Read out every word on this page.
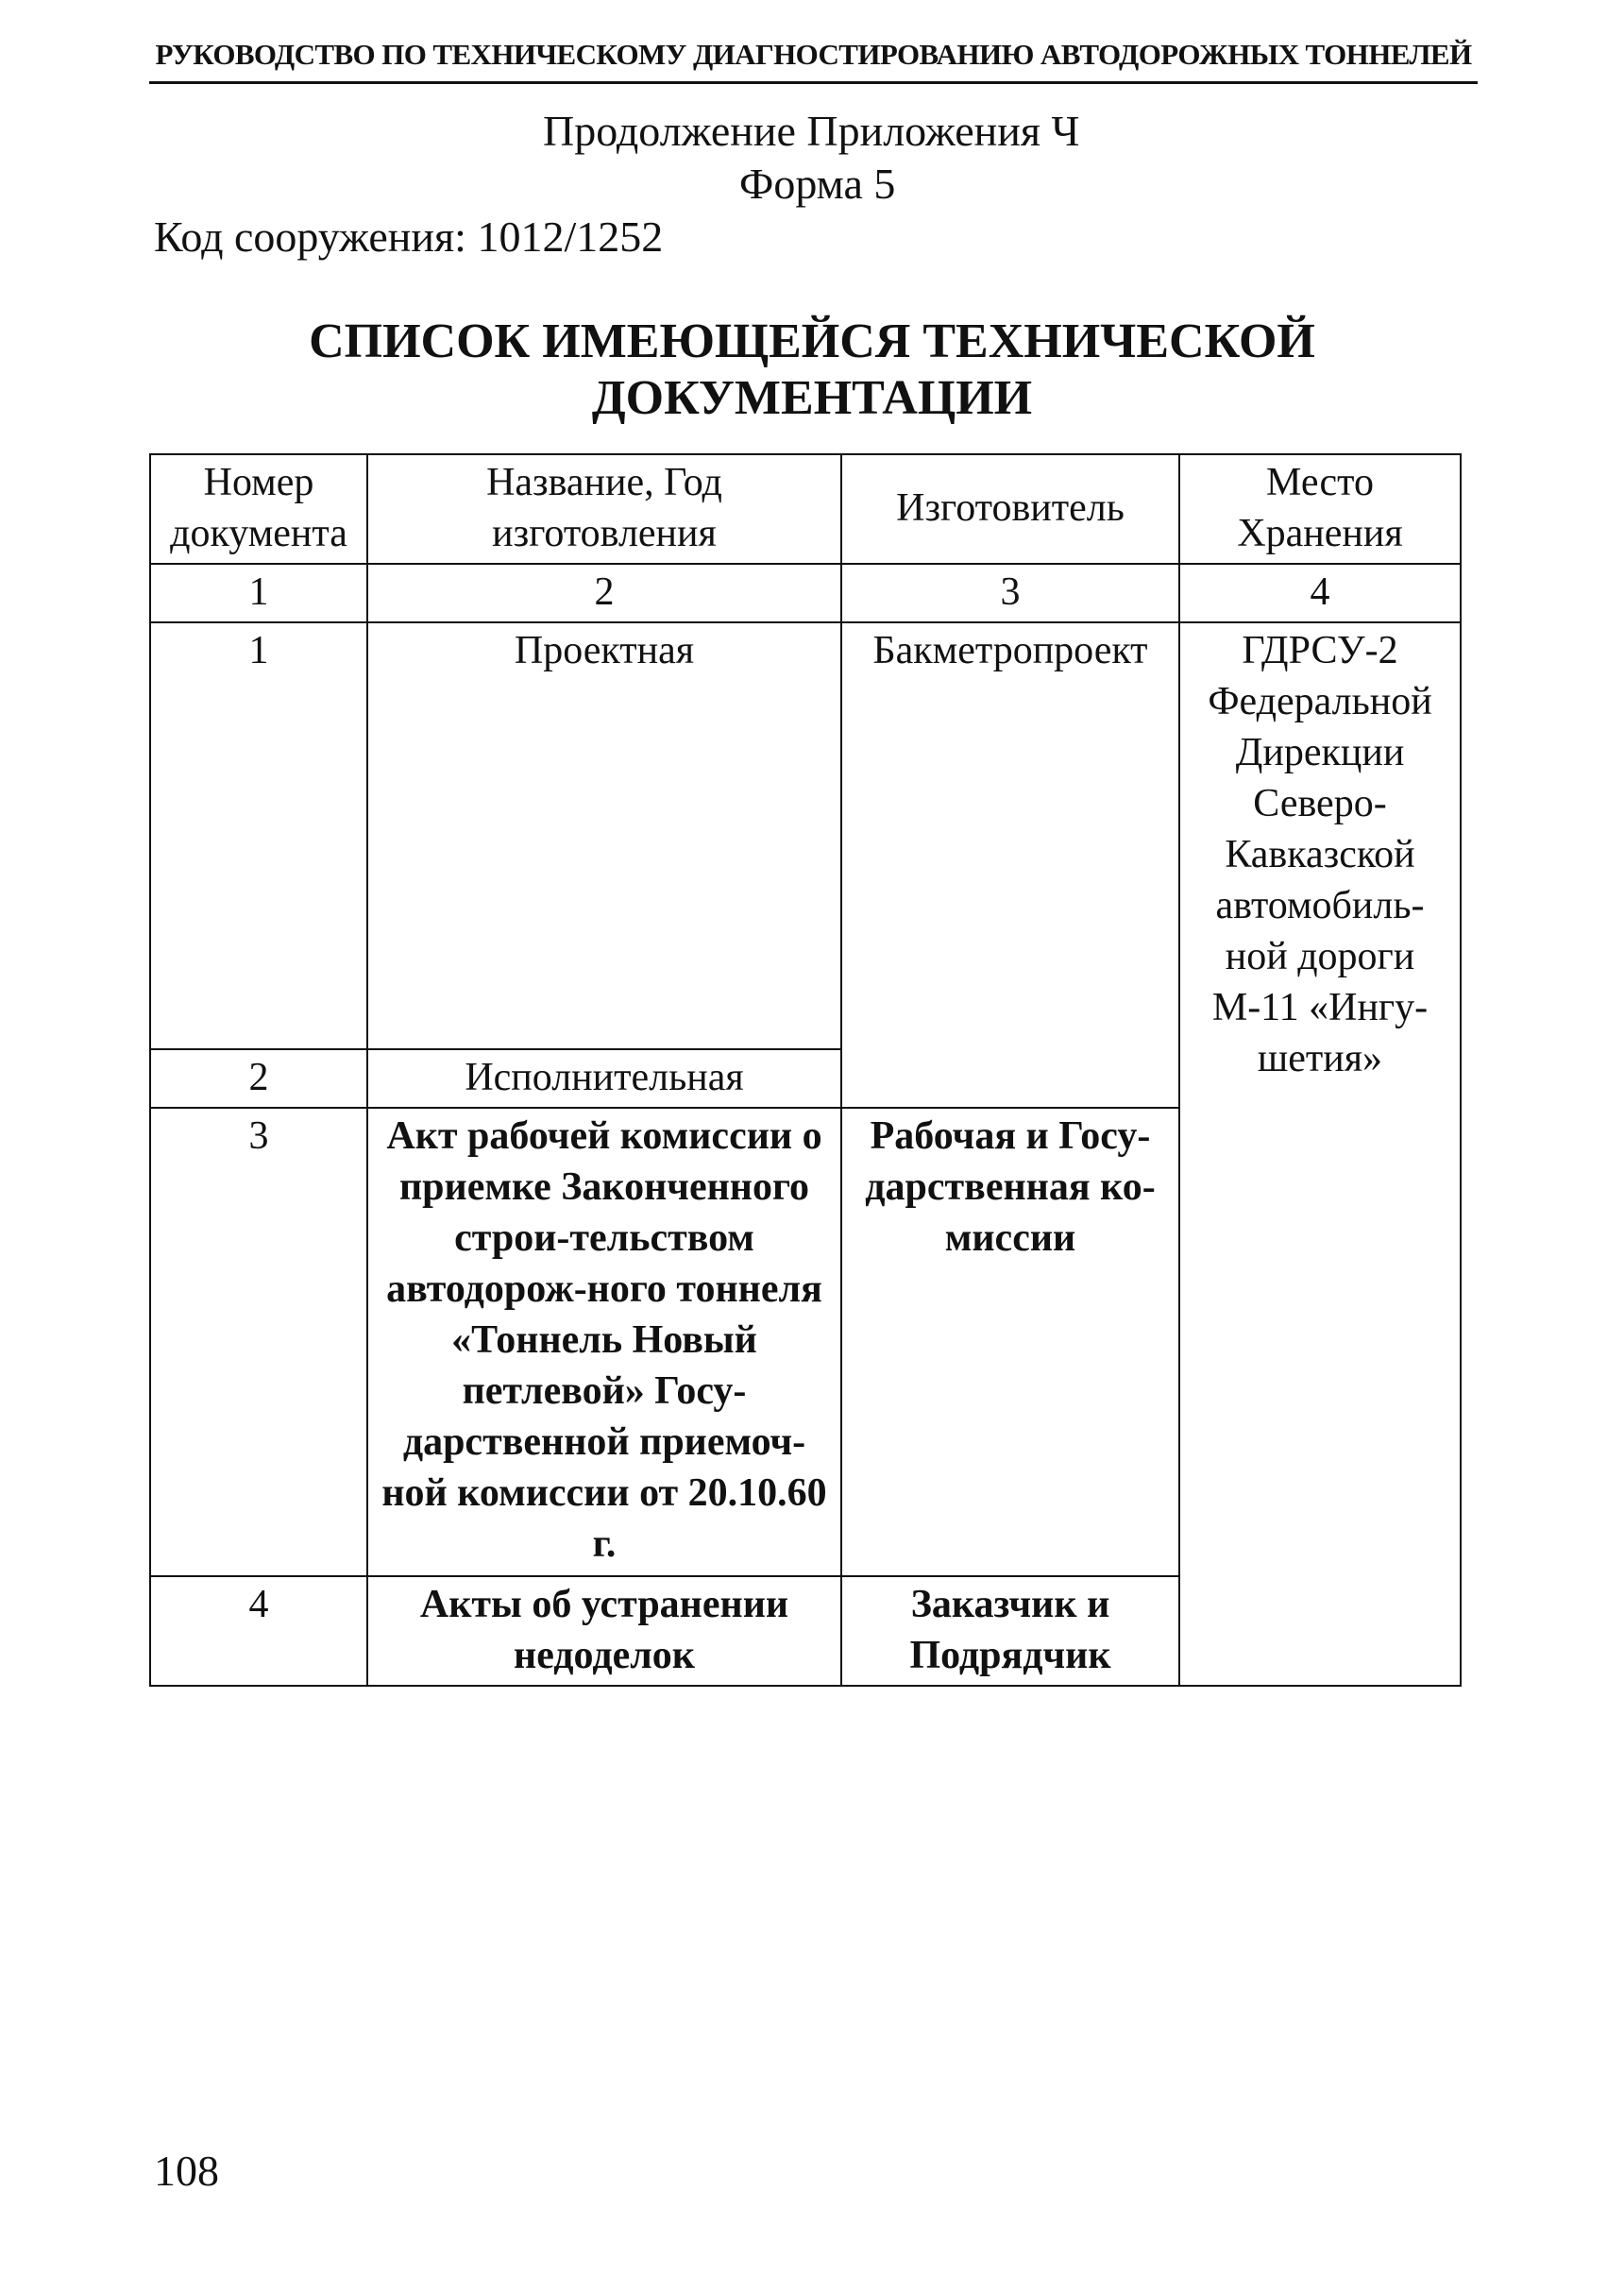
РУКОВОДСТВО ПО ТЕХНИЧЕСКОМУ ДИАГНОСТИРОВАНИЮ АВТОДОРОЖНЫХ ТОННЕЛЕЙ
Продолжение Приложения Ч
Форма 5
Код сооружения: 1012/1252
СПИСОК ИМЕЮЩЕЙСЯ ТЕХНИЧЕСКОЙ ДОКУМЕНТАЦИИ
Номер документа	Название, Год изготовления	Изготовитель	Место Хранения
1	2	3	4
1	Проектная	Бакметропроект	ГДРСУ-2 Федеральной Дирекции Северо-Кавказской автомобиль-ной дороги М-11 «Ингу-шетия»
2	Исполнительная		
3	Акт рабочей комиссии о приемке Законченного строи-тельством автодорож-ного тоннеля «Тоннель Новый петлевой» Госу-дарственной приемоч-ной комиссии от 20.10.60 г.	Рабочая и Госу-дарственная ко-миссии	
4	Акты об устранении недоделок	Заказчик и Подрядчик	
108
